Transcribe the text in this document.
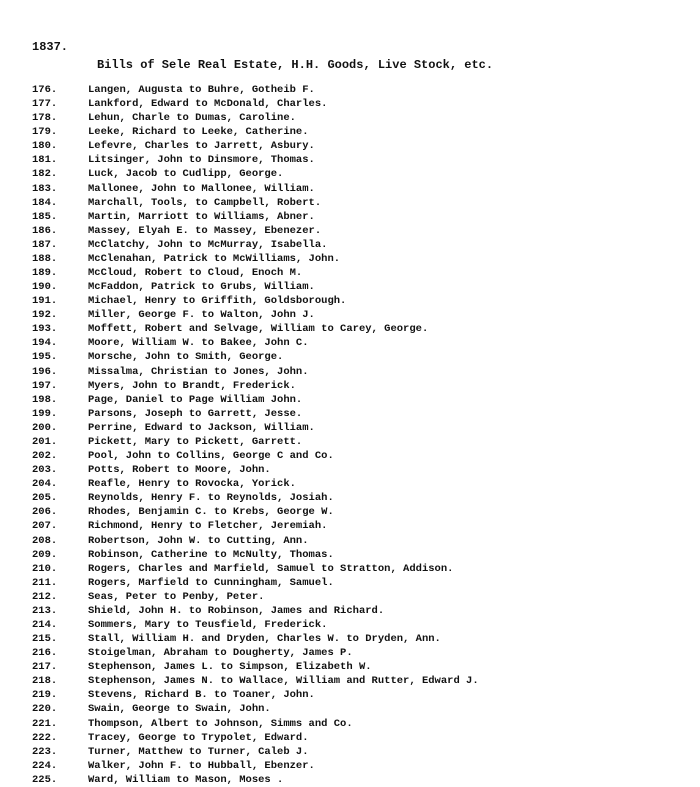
1837.
Bills of Sele Real Estate, H.H. Goods, Live Stock, etc.
176.	Langen, Augusta to Buhre, Gotheib F.
177.	Lankford, Edward to McDonald, Charles.
178.	Lehun, Charle to Dumas, Caroline.
179.	Leeke, Richard to Leeke, Catherine.
180.	Lefevre, Charles to Jarrett, Asbury.
181.	Litsinger, John to Dinsmore, Thomas.
182.	Luck, Jacob to Cudlipp, George.
183.	Mallonee, John to Mallonee, William.
184.	Marchall, Tools, to Campbell, Robert.
185.	Martin, Marriott to Williams, Abner.
186.	Massey, Elyah E. to Massey, Ebenezer.
187.	McClatchy, John to McMurray, Isabella.
188.	McClenahan, Patrick to McWilliams, John.
189.	McCloud, Robert to Cloud, Enoch M.
190.	McFaddon, Patrick to Grubs, William.
191.	Michael, Henry to Griffith, Goldsborough.
192.	Miller, George F. to Walton, John J.
193.	Moffett, Robert and Selvage, William to Carey, George.
194.	Moore, William W. to Bakee, John C.
195.	Morsche, John to Smith, George.
196.	Missalma, Christian to Jones, John.
197.	Myers, John to Brandt, Frederick.
198.	Page, Daniel to Page William John.
199.	Parsons, Joseph to Garrett, Jesse.
200.	Perrine, Edward to Jackson, William.
201.	Pickett, Mary to Pickett, Garrett.
202.	Pool, John to Collins, George C and Co.
203.	Potts, Robert to Moore, John.
204.	Reafle, Henry to Rovocka, Yorick.
205.	Reynolds, Henry F. to Reynolds, Josiah.
206.	Rhodes, Benjamin C. to Krebs, George W.
207.	Richmond, Henry to Fletcher, Jeremiah.
208.	Robertson, John W. to Cutting, Ann.
209.	Robinson, Catherine to McNulty, Thomas.
210.	Rogers, Charles and Marfield, Samuel to Stratton, Addison.
211.	Rogers, Marfield to Cunningham, Samuel.
212.	Seas, Peter to Penby, Peter.
213.	Shield, John H. to Robinson, James and Richard.
214.	Sommers, Mary to Teusfield, Frederick.
215.	Stall, William H. and Dryden, Charles W. to Dryden, Ann.
216.	Stoigelman, Abraham to Dougherty, James P.
217.	Stephenson, James L. to Simpson, Elizabeth W.
218.	Stephenson, James N. to Wallace, William and Rutter, Edward J.
219.	Stevens, Richard B. to Toaner, John.
220.	Swain, George to Swain, John.
221.	Thompson, Albert to Johnson, Simms and Co.
222.	Tracey, George to Trypolet, Edward.
223.	Turner, Matthew to Turner, Caleb J.
224.	Walker, John F. to Hubball, Ebenzer.
225.	Ward, William to Mason, Moses .
